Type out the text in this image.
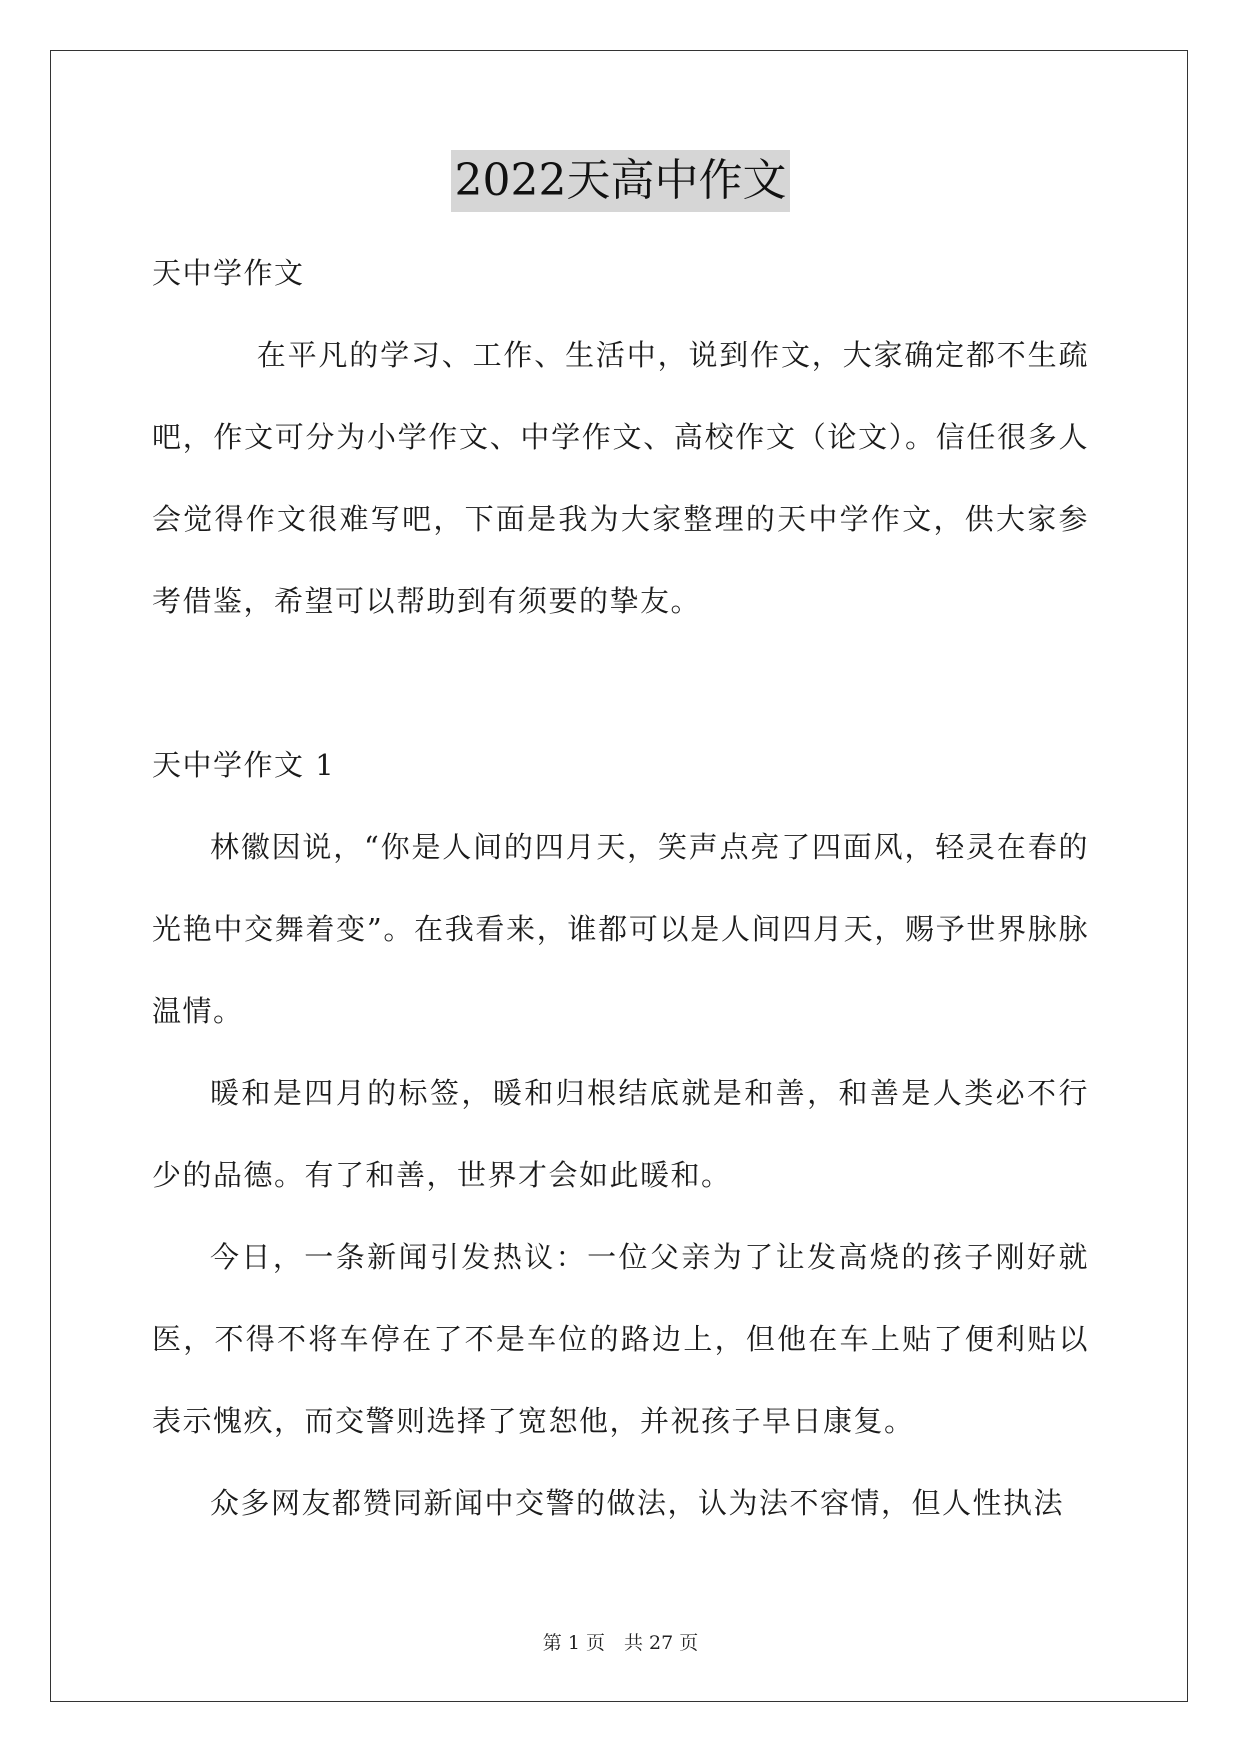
2022天高中作文

天中学作文

在平凡的学习、工作、生活中，说到作文，大家确定都不生疏吧，作文可分为小学作文、中学作文、高校作文（论文）。信任很多人会觉得作文很难写吧，下面是我为大家整理的天中学作文，供大家参考借鉴，希望可以帮助到有须要的挚友。

天中学作文 1

林徽因说，“你是人间的四月天，笑声点亮了四面风，轻灵在春的光艳中交舞着变”。在我看来，谁都可以是人间四月天，赐予世界脉脉温情。

暖和是四月的标签，暖和归根结底就是和善，和善是人类必不行少的品德。有了和善，世界才会如此暖和。

今日，一条新闻引发热议：一位父亲为了让发高烧的孩子刚好就医，不得不将车停在了不是车位的路边上，但他在车上贴了便利贴以表示愧疚，而交警则选择了宽恕他，并祝孩子早日康复。

众多网友都赞同新闻中交警的做法，认为法不容情，但人性执法

第 1 页　共 27 页
